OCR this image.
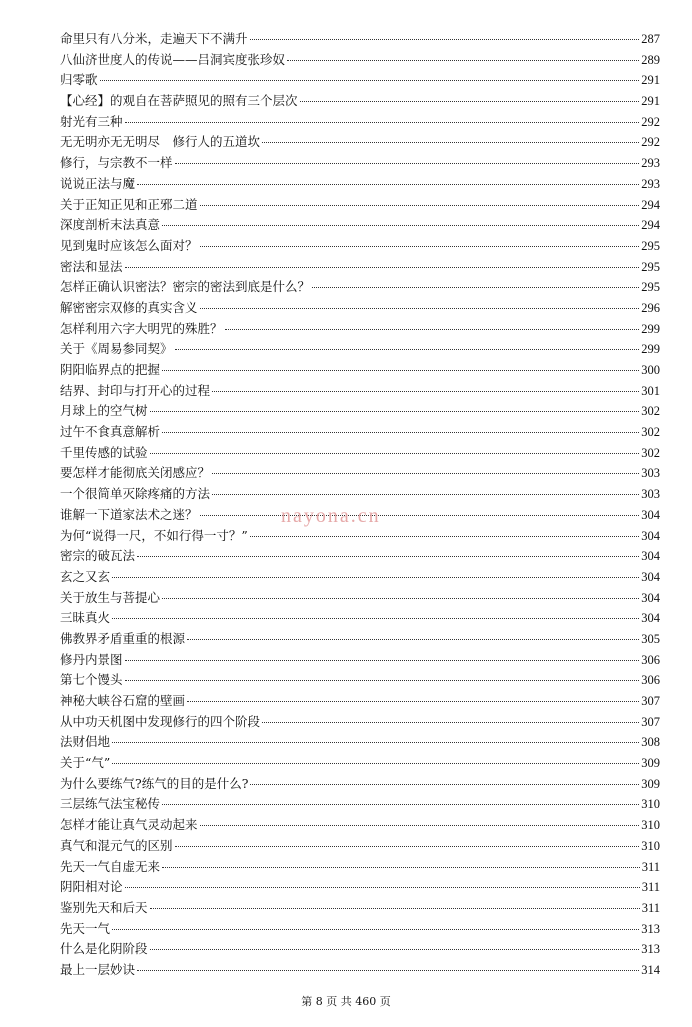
命里只有八分米，走遍天下不满升	287
八仙济世度人的传说——吕洞宾度张珍奴	289
归零歌	291
【心经】的观自在菩萨照见的照有三个层次	291
射光有三种	292
无无明亦无无明尽　修行人的五道坎	292
修行，与宗教不一样	293
说说正法与魔	293
关于正知正见和正邪二道	294
深度剖析末法真意	294
见到鬼时应该怎么面对？	295
密法和显法	295
怎样正确认识密法？密宗的密法到底是什么？	295
解密密宗双修的真实含义	296
怎样利用六字大明咒的殊胜？	299
关于《周易参同契》	299
阴阳临界点的把握	300
结界、封印与打开心的过程	301
月球上的空气树	302
过午不食真意解析	302
千里传感的试验	302
要怎样才能彻底关闭感应？	303
一个很简单灭除疼痛的方法	303
谁解一下道家法术之迷？	304
为何“说得一尺，不如行得一寸？”	304
密宗的破瓦法	304
玄之又玄	304
关于放生与菩提心	304
三昧真火	304
佛教界矛盾重重的根源	305
修丹内景图	306
第七个馒头	306
神秘大峡谷石窟的壁画	307
从中功天机图中发现修行的四个阶段	307
法财侣地	308
关于“气”	309
为什么要练气?练气的目的是什么?	309
三层练气法宝秘传	310
怎样才能让真气灵动起来	310
真气和混元气的区别	310
先天一气自虚无来	311
阴阳相对论	311
鉴别先天和后天	311
先天一气	313
什么是化阴阶段	313
最上一层妙诀	314
nayona.cn
第 8 页 共 460 页
